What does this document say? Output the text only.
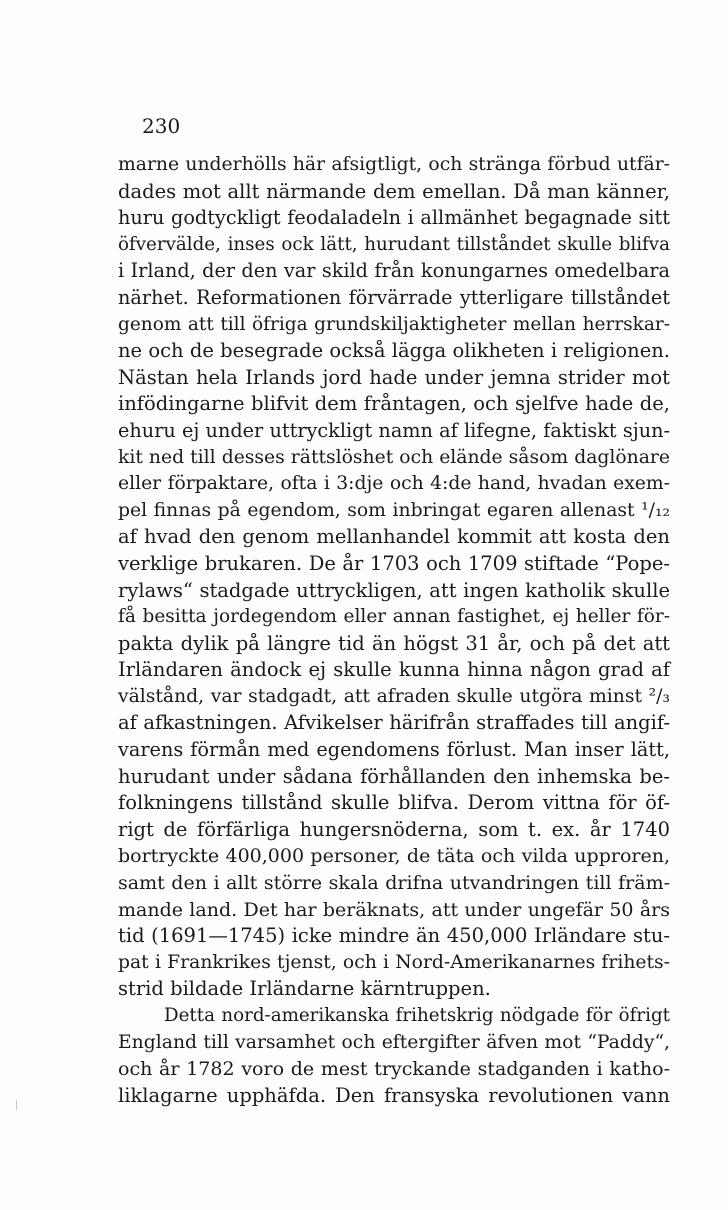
230
marne underhölls här afsigtligt, och stränga förbud utfär-
dades mot allt närmande dem emellan. Då man känner,
huru godtyckligt feodaladeln i allmänhet begagnade sitt
öfvervälde, inses ock lätt, hurudant tillståndet skulle blifva
i Irland, der den var skild från konungarnes omedelbara
närhet. Reformationen förvärrade ytterligare tillståndet
genom att till öfriga grundskiljaktigheter mellan herrskar-
ne och de besegrade också lägga olikheten i religionen.
Nästan hela Irlands jord hade under jemna strider mot
infödingarne blifvit dem fråntagen, och sjelfve hade de,
ehuru ej under uttryckligt namn af lifegne, faktiskt sjun-
kit ned till desses rättslöshet och elände såsom daglönare
eller förpaktare, ofta i 3:dje och 4:de hand, hvadan exem-
pel finnas på egendom, som inbringat egaren allenast ¹/₁₂
af hvad den genom mellanhandel kommit att kosta den
verklige brukaren. De år 1703 och 1709 stiftade “Pope-
rylaws“ stadgade uttryckligen, att ingen katholik skulle
få besitta jordegendom eller annan fastighet, ej heller för-
pakta dylik på längre tid än högst 31 år, och på det att
Irländaren ändock ej skulle kunna hinna någon grad af
välstånd, var stadgadt, att afraden skulle utgöra minst ²/₃
af afkastningen. Afvikelser härifrån straffades till angif-
varens förmån med egendomens förlust. Man inser lätt,
hurudant under sådana förhållanden den inhemska be-
folkningens tillstånd skulle blifva. Derom vittna för öf-
rigt de förfärliga hungersnöderna, som t. ex. år 1740
bortryckte 400,000 personer, de täta och vilda upproren,
samt den i allt större skala drifna utvandringen till främ-
mande land. Det har beräknats, att under ungefär 50 års
tid (1691—1745) icke mindre än 450,000 Irländare stu-
pat i Frankrikes tjenst, och i Nord-Amerikanarnes frihets-
strid bildade Irländarne kärntruppen.
Detta nord-amerikanska frihetskrig nödgade för öfrigt
England till varsamhet och eftergifter äfven mot “Paddy“,
och år 1782 voro de mest tryckande stadganden i katho-
liklagarne upphäfda. Den fransyska revolutionen vann
